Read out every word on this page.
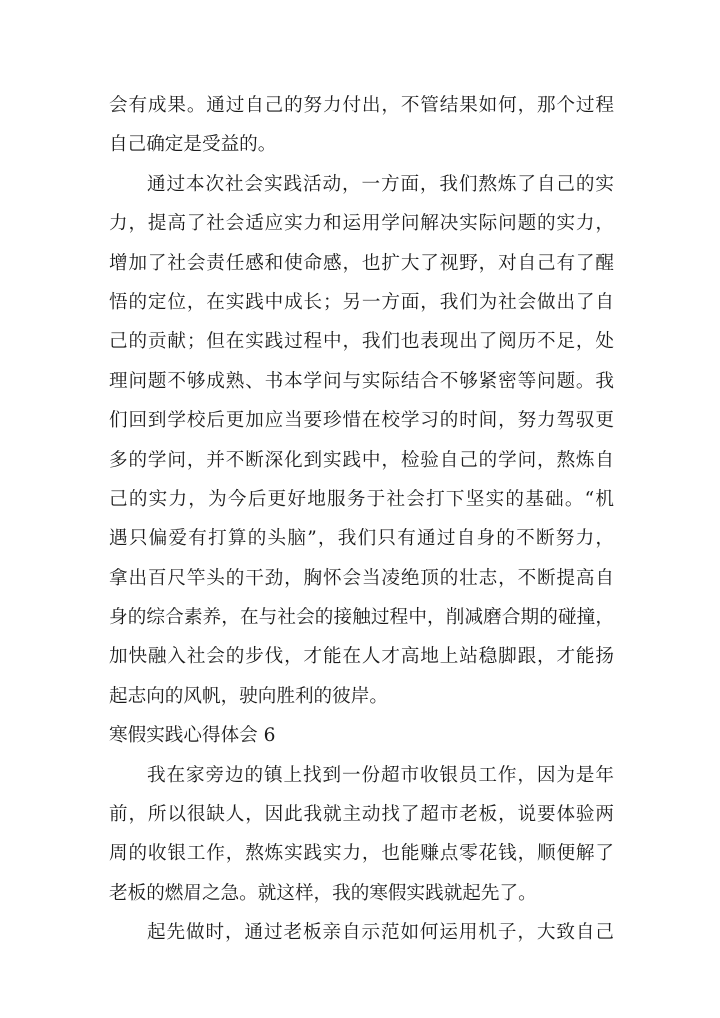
会有成果。通过自己的努力付出，不管结果如何，那个过程
自己确定是受益的。
通过本次社会实践活动，一方面，我们熬炼了自己的实
力，提高了社会适应实力和运用学问解决实际问题的实力，
增加了社会责任感和使命感，也扩大了视野，对自己有了醒
悟的定位，在实践中成长；另一方面，我们为社会做出了自
己的贡献；但在实践过程中，我们也表现出了阅历不足，处
理问题不够成熟、书本学问与实际结合不够紧密等问题。我
们回到学校后更加应当要珍惜在校学习的时间，努力驾驭更
多的学问，并不断深化到实践中，检验自己的学问，熬炼自
己的实力，为今后更好地服务于社会打下坚实的基础。“机
遇只偏爱有打算的头脑”，我们只有通过自身的不断努力，
拿出百尺竿头的干劲，胸怀会当凌绝顶的壮志，不断提高自
身的综合素养，在与社会的接触过程中，削减磨合期的碰撞，
加快融入社会的步伐，才能在人才高地上站稳脚跟，才能扬
起志向的风帆，驶向胜利的彼岸。
寒假实践心得体会 6
我在家旁边的镇上找到一份超市收银员工作，因为是年
前，所以很缺人，因此我就主动找了超市老板，说要体验两
周的收银工作，熬炼实践实力，也能赚点零花钱，顺便解了
老板的燃眉之急。就这样，我的寒假实践就起先了。
起先做时，通过老板亲自示范如何运用机子，大致自己
